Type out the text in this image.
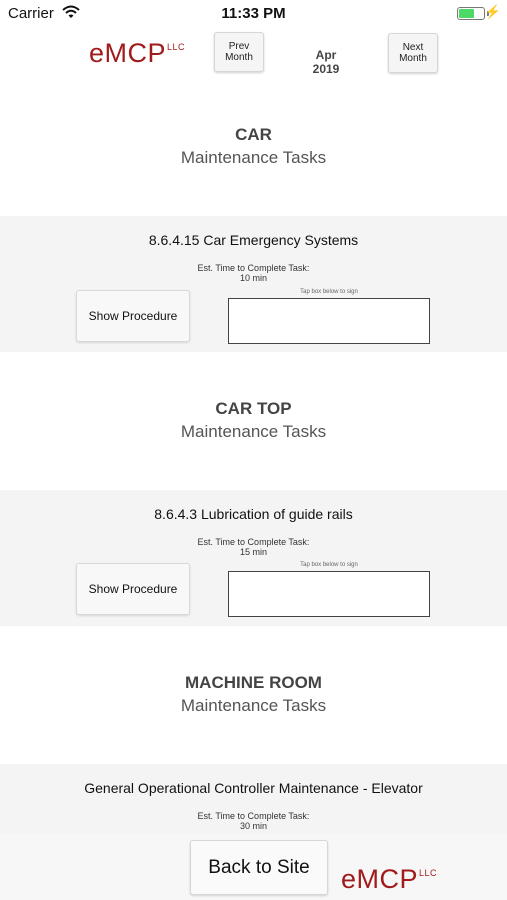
Carrier	11:33 PM	⚡
eMCP$^{LLC}$	Prev
Month	Apr
2019
Next
Month
CAR
Maintenance Tasks
8.6.4.15 Car Emergency Systems
Est. Time to Complete Task:
10 min
Show Procedure
Tap box below to sign
CAR TOP
Maintenance Tasks
8.6.4.3 Lubrication of guide rails
Est. Time to Complete Task:
15 min
Show Procedure
Tap box below to sign
MACHINE ROOM
Maintenance Tasks
General Operational Controller Maintenance - Elevator
Est. Time to Complete Task:
30 min
Back to Site	eMCP$^{LLC}$
